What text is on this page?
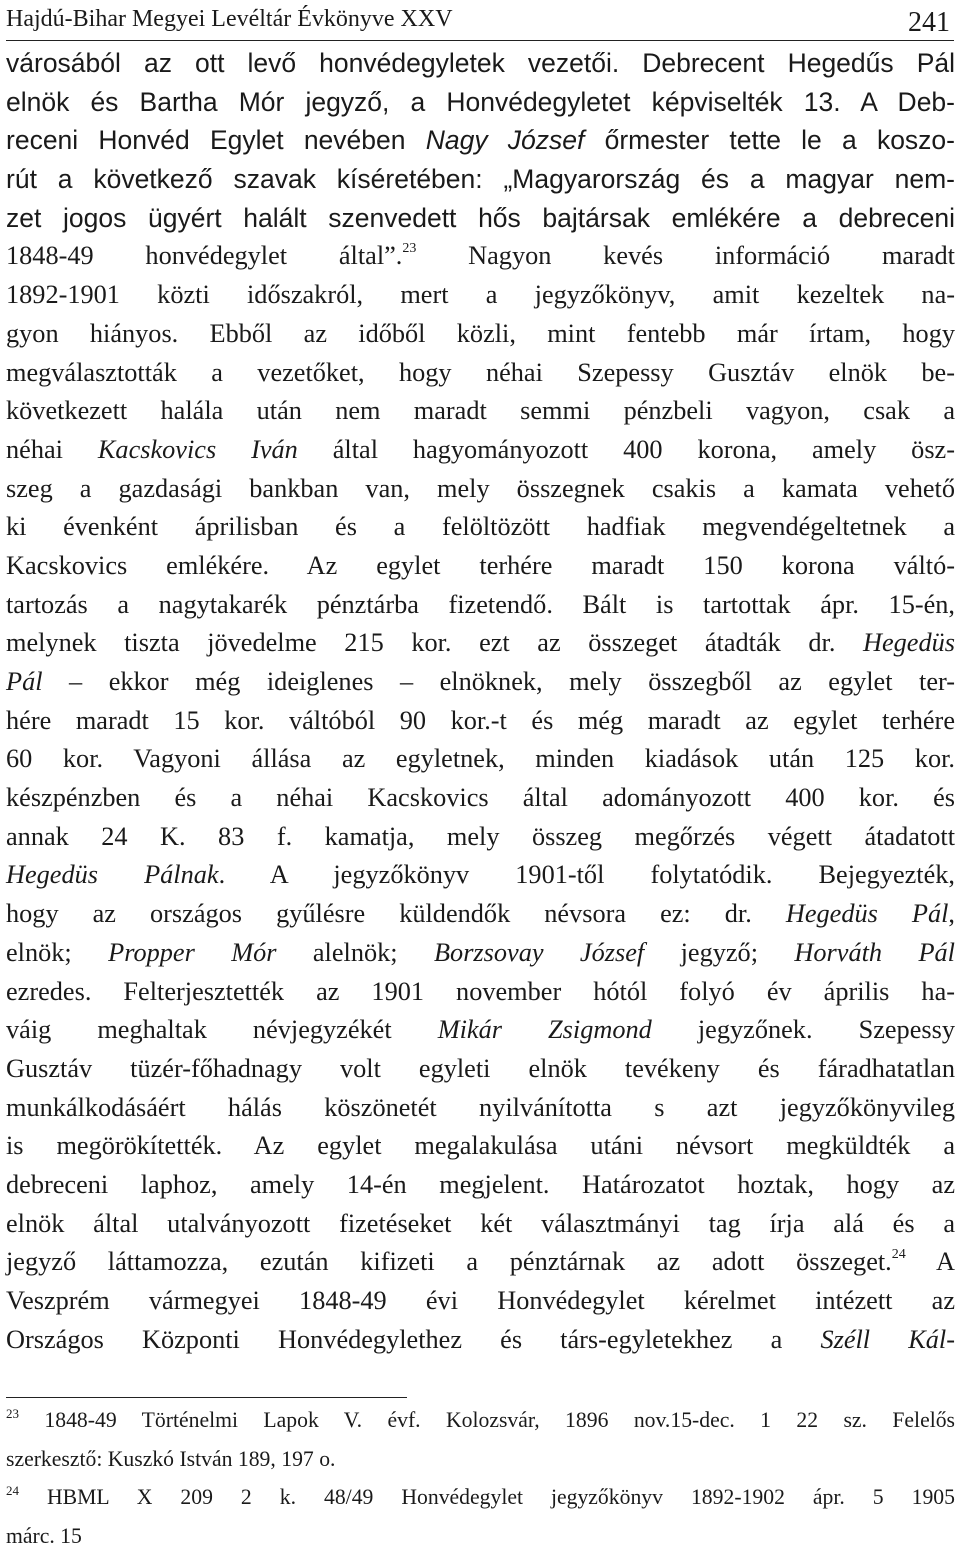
Hajdú-Bihar Megyei Levéltár Évkönyve XXV	241
városából az ott levő honvédegyletek vezetői. Debrecent Hegedűs Pál
elnök és Bartha Mór jegyző, a Honvédegyletet képviselték 13. A Deb-
receni Honvéd Egylet nevében Nagy József őrmester tette le a koszo-
rút a következő szavak kíséretében: „Magyarország és a magyar nem-
zet jogos ügyért halált szenvedett hős bajtársak emlékére a debreceni
1848-49 honvédegylet által”.$^{23}$ Nagyon kevés információ maradt
1892-1901 közti időszakról, mert a jegyzőkönyv, amit kezeltek na-
gyon hiányos. Ebből az időből közli, mint fentebb már írtam, hogy
megválasztották a vezetőket, hogy néhai Szepessy Gusztáv elnök be-
következett halála után nem maradt semmi pénzbeli vagyon, csak a
néhai Kacskovics Iván által hagyományozott 400 korona, amely ösz-
szeg a gazdasági bankban van, mely összegnek csakis a kamata vehető
ki évenként áprilisban és a felöltözött hadfiak megvendégeltetnek a
Kacskovics emlékére. Az egylet terhére maradt 150 korona váltó-
tartozás a nagytakarék pénztárba fizetendő. Bált is tartottak ápr. 15-én,
melynek tiszta jövedelme 215 kor. ezt az összeget átadták dr. Hegedüs
Pál – ekkor még ideiglenes – elnöknek, mely összegből az egylet ter-
hére maradt 15 kor. váltóból 90 kor.-t és még maradt az egylet terhére
60 kor. Vagyoni állása az egyletnek, minden kiadások után 125 kor.
készpénzben és a néhai Kacskovics által adományozott 400 kor. és
annak 24 K. 83 f. kamatja, mely összeg megőrzés végett átadatott
Hegedüs Pálnak. A jegyzőkönyv 1901-től folytatódik. Bejegyezték,
hogy az országos gyűlésre küldendők névsora ez: dr. Hegedüs Pál,
elnök; Propper Mór alelnök; Borzsovay József jegyző; Horváth Pál
ezredes. Felterjesztették az 1901 november hótól folyó év április ha-
váig meghaltak névjegyzékét Mikár Zsigmond jegyzőnek. Szepessy
Gusztáv tüzér-főhadnagy volt egyleti elnök tevékeny és fáradhatatlan
munkálkodásáért hálás köszönetét nyilvánította s azt jegyzőkönyvileg
is megörökítették. Az egylet megalakulása utáni névsort megküldték a
debreceni laphoz, amely 14-én megjelent. Határozatot hoztak, hogy az
elnök által utalványozott fizetéseket két választmányi tag írja alá és a
jegyző láttamozza, ezután kifizeti a pénztárnak az adott összeget.$^{24}$ A
Veszprém vármegyei 1848-49 évi Honvédegylet kérelmet intézett az
Országos Központi Honvédegylethez és társ-egyletekhez a Széll Kál-
$^{23}$ 1848-49 Történelmi Lapok V. évf. Kolozsvár, 1896 nov.15-dec. 1 22 sz. Felelős
szerkesztő: Kuszkó István 189, 197 o.
$^{24}$ HBML X 209 2 k. 48/49 Honvédegylet jegyzőkönyv 1892-1902 ápr. 5 1905
márc. 15
